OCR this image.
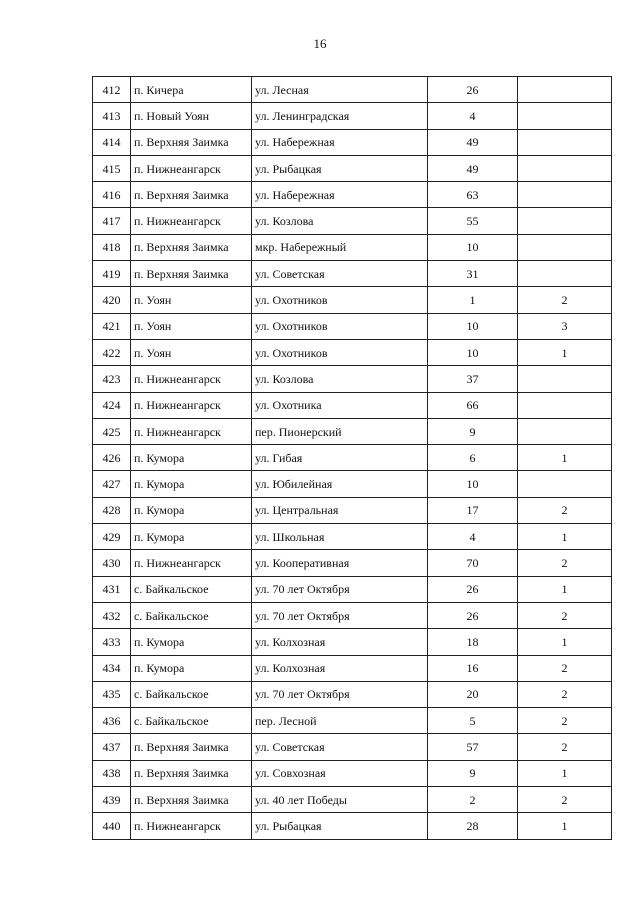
16
412	п. Кичера	ул. Лесная	26	
413	п. Новый Уоян	ул. Ленинградская	4	
414	п. Верхняя Заимка	ул. Набережная	49	
415	п. Нижнеангарск	ул. Рыбацкая	49	
416	п. Верхняя Заимка	ул. Набережная	63	
417	п. Нижнеангарск	ул. Козлова	55	
418	п. Верхняя Заимка	мкр. Набережный	10	
419	п. Верхняя Заимка	ул. Советская	31	
420	п. Уоян	ул. Охотников	1	2
421	п. Уоян	ул. Охотников	10	3
422	п. Уоян	ул. Охотников	10	1
423	п. Нижнеангарск	ул. Козлова	37	
424	п. Нижнеангарск	ул. Охотника	66	
425	п. Нижнеангарск	пер. Пионерский	9	
426	п. Кумора	ул. Гибая	6	1
427	п. Кумора	ул. Юбилейная	10	
428	п. Кумора	ул. Центральная	17	2
429	п. Кумора	ул. Школьная	4	1
430	п. Нижнеангарск	ул. Кооперативная	70	2
431	с. Байкальское	ул. 70 лет Октября	26	1
432	с. Байкальское	ул. 70 лет Октября	26	2
433	п. Кумора	ул. Колхозная	18	1
434	п. Кумора	ул. Колхозная	16	2
435	с. Байкальское	ул. 70 лет Октября	20	2
436	с. Байкальское	пер. Лесной	5	2
437	п. Верхняя Заимка	ул. Советская	57	2
438	п. Верхняя Заимка	ул. Совхозная	9	1
439	п. Верхняя Заимка	ул. 40 лет Победы	2	2
440	п. Нижнеангарск	ул. Рыбацкая	28	1
